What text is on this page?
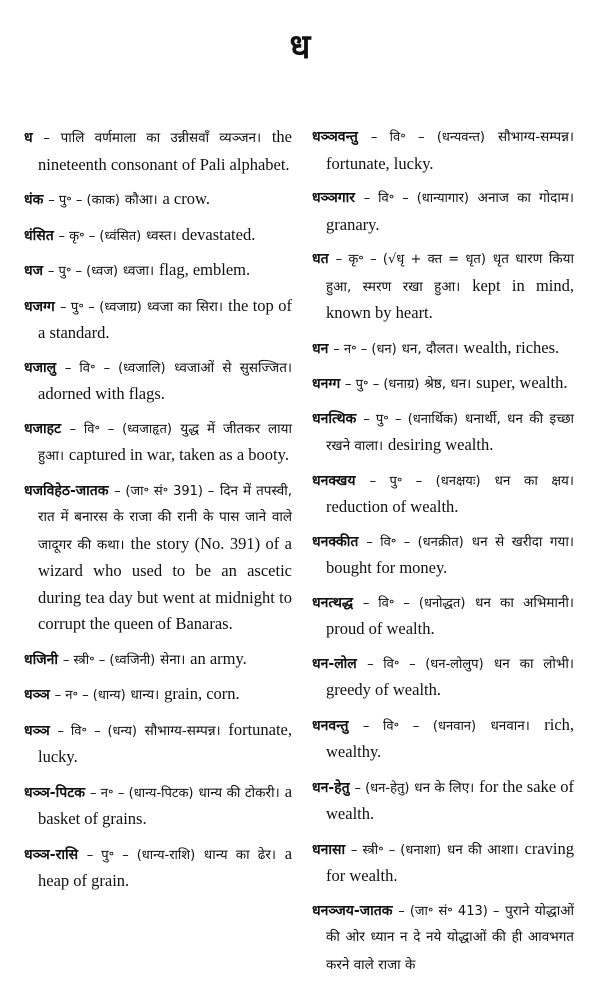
ध
ध – पालि वर्णमाला का उन्नीसवाँ व्यञ्जन। the nineteenth consonant of Pali alphabet.
धंक – पु॰ – (काक) कौआ। a crow.
धंसित – कृ॰ – (ध्वंसित) ध्वस्त। devastated.
धज – पु॰ – (ध्वज) ध्वजा। flag, emblem.
धजग्ग – पु॰ – (ध्वजाग्र) ध्वजा का सिरा। the top of a standard.
धजालु – वि॰ – (ध्वजालि) ध्वजाओं से सुसज्जित। adorned with flags.
धजाहट – वि॰ – (ध्वजाहृत) युद्ध में जीतकर लाया हुआ। captured in war, taken as a booty.
धजविहेठ-जातक – (जा॰ सं॰ 391) – दिन में तपस्वी, रात में बनारस के राजा की रानी के पास जाने वाले जादूगर की कथा। the story (No. 391) of a wizard who used to be an ascetic during tea day but went at midnight to corrupt the queen of Banaras.
धजिनी – स्त्री॰ – (ध्वजिनी) सेना। an army.
धञ्ञ – न॰ – (धान्य) धान्य। grain, corn.
धञ्ञ – वि॰ – (धन्य) सौभाग्य-सम्पन्न। fortunate, lucky.
धञ्ञ-पिटक – न॰ – (धान्य-पिटक) धान्य की टोकरी। a basket of grains.
धञ्ञ-रासि – पु॰ – (धान्य-राशि) धान्य का ढेर। a heap of grain.
धञ्ञवन्तु – वि॰ – (धन्यवन्त) सौभाग्य-सम्पन्न। fortunate, lucky.
धञ्ञगार – वि॰ – (धान्यागार) अनाज का गोदाम। granary.
धत – कृ॰ – (√धृ + क्त = धृत) धृत धारण किया हुआ, स्मरण रखा हुआ। kept in mind, known by heart.
धन – न॰ – (धन) धन, दौलत। wealth, riches.
धनग्ग – पु॰ – (धनाग्र) श्रेष्ठ, धन। super, wealth.
धनत्थिक – पु॰ – (धनार्थिक) धनार्थी, धन की इच्छा रखने वाला। desiring wealth.
धनक्खय – पु॰ – (धनक्षयः) धन का क्षय। reduction of wealth.
धनक्कीत – वि॰ – (धनक्रीत) धन से खरीदा गया। bought for money.
धनत्थद्ध – वि॰ – (धनोद्धत) धन का अभिमानी। proud of wealth.
धन-लोल – वि॰ – (धन-लोलुप) धन का लोभी। greedy of wealth.
धनवन्तु – वि॰ – (धनवान) धनवान। rich, wealthy.
धन-हेतु – (धन-हेतु) धन के लिए। for the sake of wealth.
धनासा – स्त्री॰ – (धनाशा) धन की आशा। craving for wealth.
धनञ्जय-जातक – (जा॰ सं॰ 413) – पुराने योद्धाओं की ओर ध्यान न दे नये योद्धाओं की ही आवभगत करने वाले राजा के
